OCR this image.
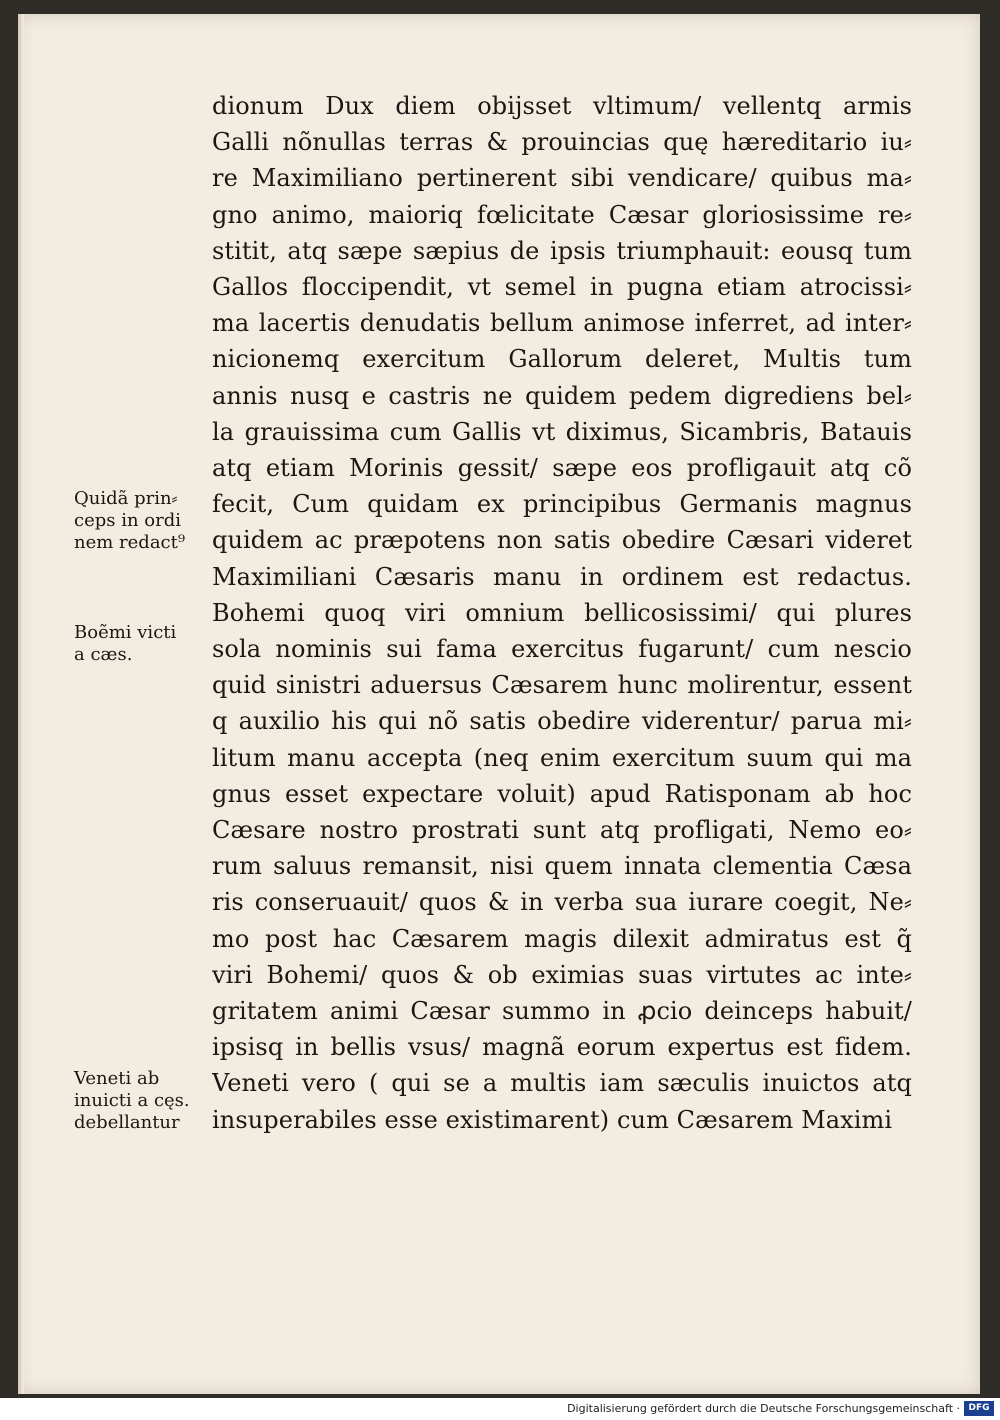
dionum Dux diem obijsset vltimum/ vellentq armis
Galli nõnullas terras & prouincias quę hæreditario iu⸗
re Maximiliano pertinerent sibi vendicare/ quibus ma⸗
gno animo, maioriq fœlicitate Cæsar gloriosissime re⸗
stitit, atq sæpe sæpius de ipsis triumphauit: eousq tum
Gallos floccipendit, vt semel in pugna etiam atrocissi⸗
ma lacertis denudatis bellum animose inferret, ad inter⸗
nicionemq exercitum Gallorum deleret, Multis tum
annis nusq e castris ne quidem pedem digrediens bel⸗
la grauissima cum Gallis vt diximus, Sicambris, Batauis
atq etiam Morinis gessit/ sæpe eos profligauit atq cõ
fecit, Cum quidam ex principibus Germanis magnus
quidem ac præpotens non satis obedire Cæsari videret
Maximiliani Cæsaris manu in ordinem est redactus.
Bohemi quoq viri omnium bellicosissimi/ qui plures
sola nominis sui fama exercitus fugarunt/ cum nescio
quid sinistri aduersus Cæsarem hunc molirentur, essent
q auxilio his qui nõ satis obedire viderentur/ parua mi⸗
litum manu accepta (neq enim exercitum suum qui ma
gnus esset expectare voluit) apud Ratisponam ab hoc
Cæsare nostro prostrati sunt atq profligati, Nemo eo⸗
rum saluus remansit, nisi quem innata clementia Cæsa
ris conseruauit/ quos & in verba sua iurare coegit, Ne⸗
mo post hac Cæsarem magis dilexit admiratus est q̃
viri Bohemi/ quos & ob eximias suas virtutes ac inte⸗
gritatem animi Cæsar summo in ꝓcio deinceps habuit/
ipsisq in bellis vsus/ magnã eorum expertus est fidem.
Veneti vero ( qui se a multis iam sæculis inuictos atq
insuperabiles esse existimarent) cum Cæsarem Maximi
Quidã prin⸗
ceps in ordi
nem redact⁹
Boẽmi victi
a cæs.
Veneti ab
inuicti a cęs.
debellantur
Digitalisierung gefördert durch die Deutsche Forschungsgemeinschaft · DFG
